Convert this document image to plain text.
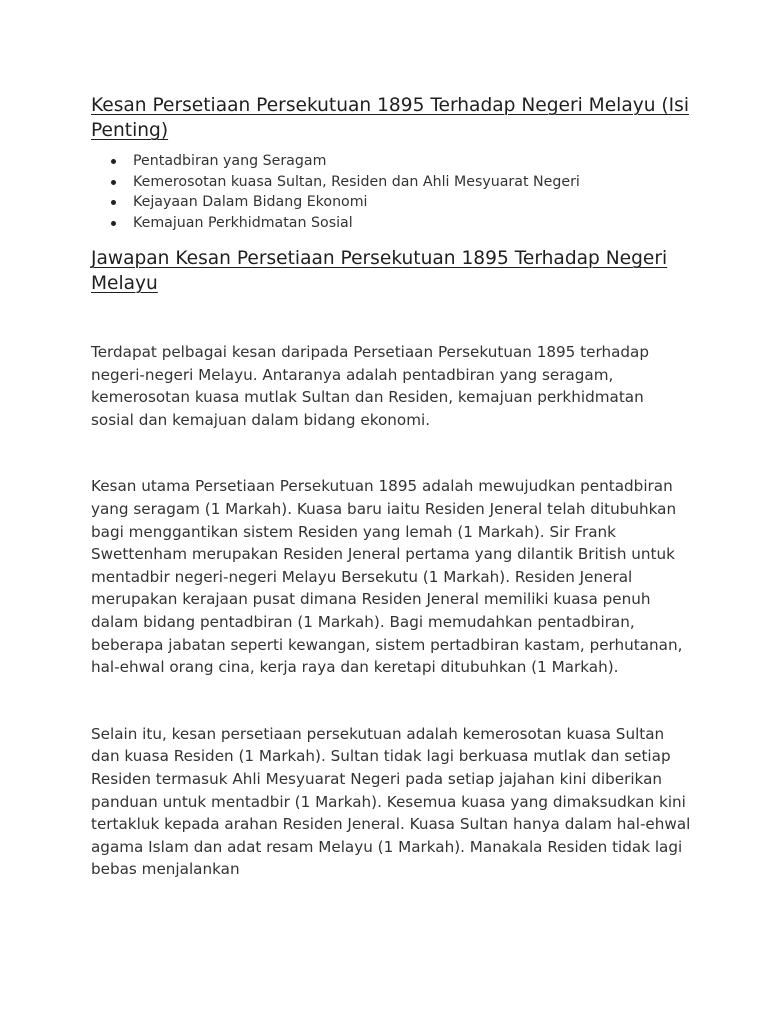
Kesan Persetiaan Persekutuan 1895 Terhadap Negeri Melayu (Isi Penting)
Pentadbiran yang Seragam
Kemerosotan kuasa Sultan, Residen dan Ahli Mesyuarat Negeri
Kejayaan Dalam Bidang Ekonomi
Kemajuan Perkhidmatan Sosial
Jawapan Kesan Persetiaan Persekutuan 1895 Terhadap Negeri Melayu

Terdapat pelbagai kesan daripada Persetiaan Persekutuan 1895 terhadap negeri-negeri Melayu. Antaranya adalah pentadbiran yang seragam, kemerosotan kuasa mutlak Sultan dan Residen, kemajuan perkhidmatan sosial dan kemajuan dalam bidang ekonomi.

Kesan utama Persetiaan Persekutuan 1895 adalah mewujudkan pentadbiran yang seragam (1 Markah). Kuasa baru iaitu Residen Jeneral telah ditubuhkan bagi menggantikan sistem Residen yang lemah (1 Markah). Sir Frank Swettenham merupakan Residen Jeneral pertama yang dilantik British untuk mentadbir negeri-negeri Melayu Bersekutu (1 Markah). Residen Jeneral merupakan kerajaan pusat dimana Residen Jeneral memiliki kuasa penuh dalam bidang pentadbiran (1 Markah). Bagi memudahkan pentadbiran, beberapa jabatan seperti kewangan, sistem pertadbiran kastam, perhutanan, hal-ehwal orang cina, kerja raya dan keretapi ditubuhkan (1 Markah).

Selain itu, kesan persetiaan persekutuan adalah kemerosotan kuasa Sultan dan kuasa Residen (1 Markah). Sultan tidak lagi berkuasa mutlak dan setiap Residen termasuk Ahli Mesyuarat Negeri pada setiap jajahan kini diberikan panduan untuk mentadbir (1 Markah). Kesemua kuasa yang dimaksudkan kini tertakluk kepada arahan Residen Jeneral. Kuasa Sultan hanya dalam hal-ehwal agama Islam dan adat resam Melayu (1 Markah). Manakala Residen tidak lagi bebas menjalankan
